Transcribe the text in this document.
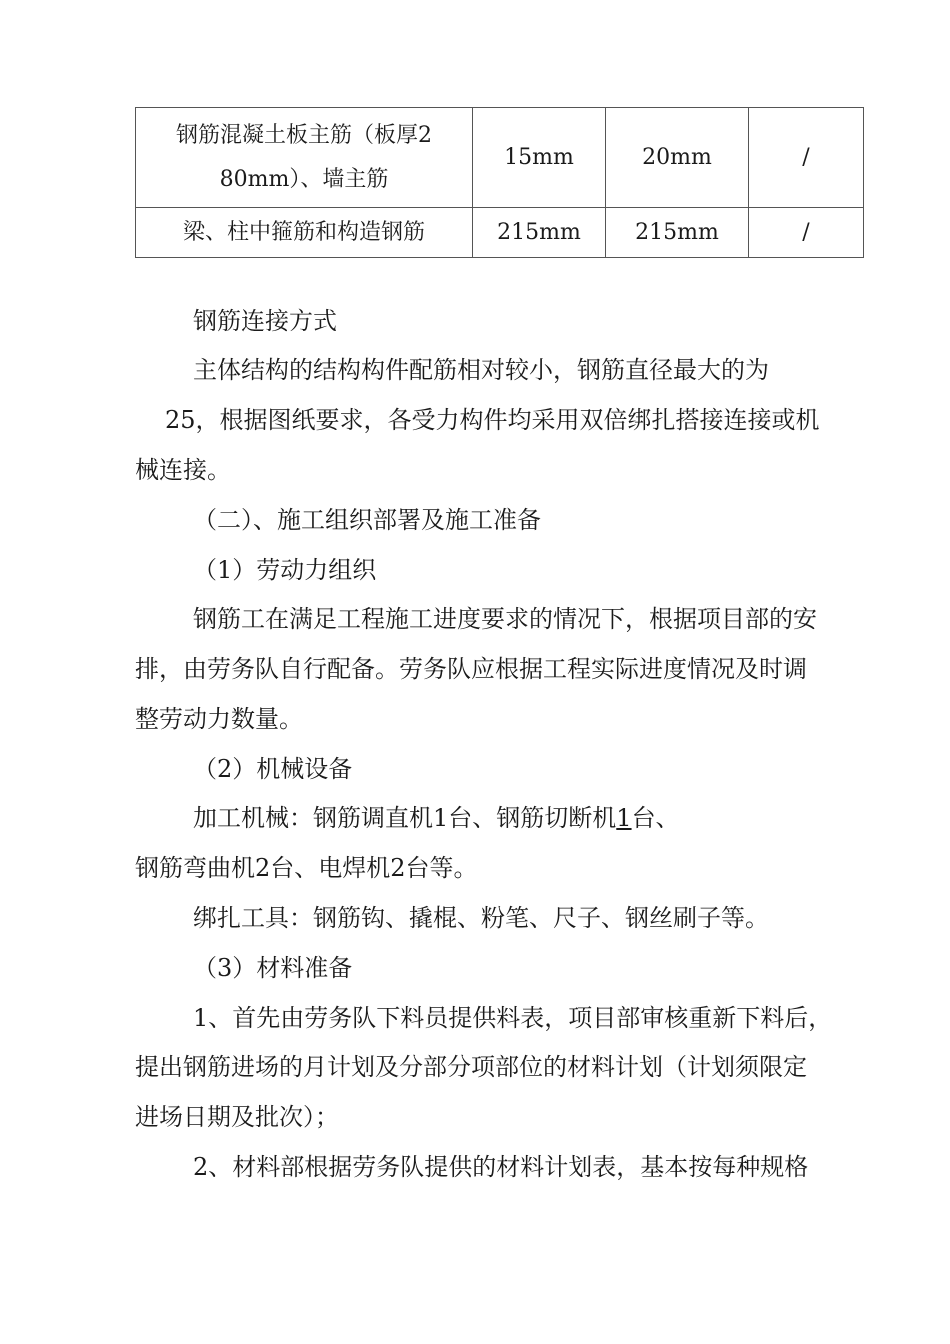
钢筋混凝土板主筋（板厚2
80mm）、墙主筋	15mm	20mm	/
梁、柱中箍筋和构造钢筋	215mm	215mm	/
钢筋连接方式
主体结构的结构构件配筋相对较小，钢筋直径最大的为
25，根据图纸要求，各受力构件均采用双倍绑扎搭接连接或机
械连接。
（二）、施工组织部署及施工准备
（1）劳动力组织
钢筋工在满足工程施工进度要求的情况下，根据项目部的安
排，由劳务队自行配备。劳务队应根据工程实际进度情况及时调
整劳动力数量。
（2）机械设备
加工机械：钢筋调直机1台、钢筋切断机1台、
钢筋弯曲机2台、电焊机2台等。
绑扎工具：钢筋钩、撬棍、粉笔、尺子、钢丝刷子等。
（3）材料准备
1、首先由劳务队下料员提供料表，项目部审核重新下料后，
提出钢筋进场的月计划及分部分项部位的材料计划（计划须限定
进场日期及批次）；
2、材料部根据劳务队提供的材料计划表，基本按每种规格
